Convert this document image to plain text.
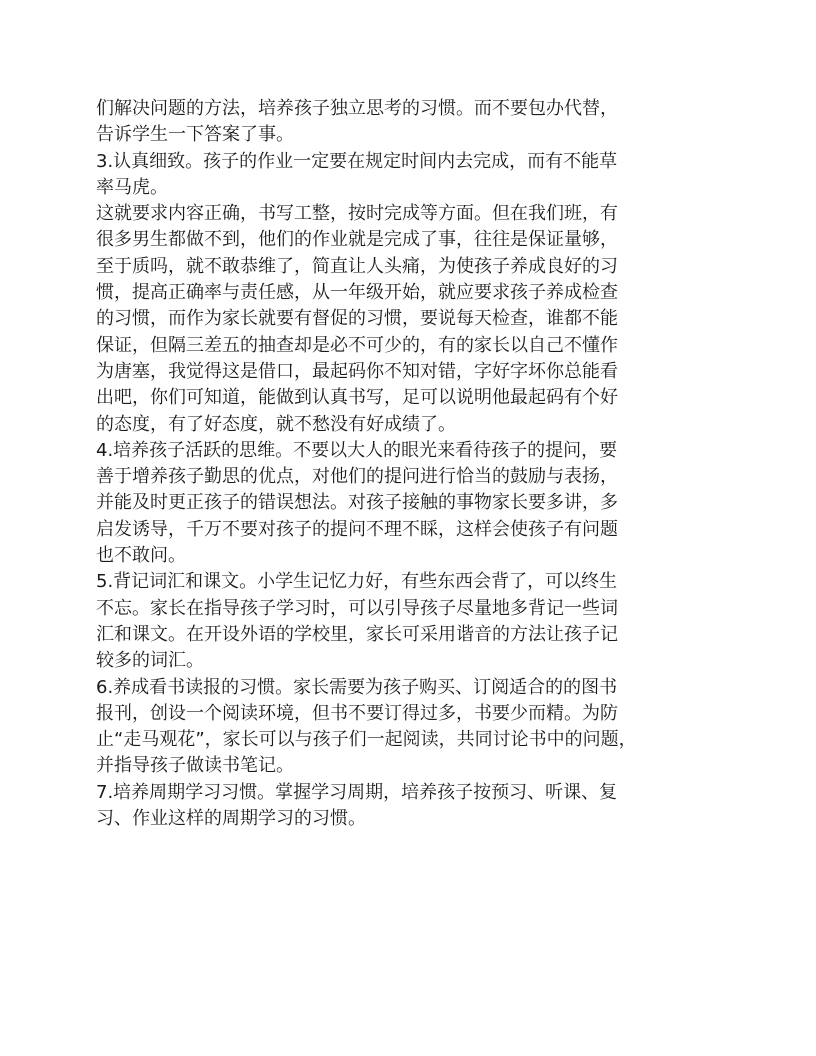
们解决问题的方法，培养孩子独立思考的习惯。而不要包办代替，
告诉学生一下答案了事。
3.认真细致。孩子的作业一定要在规定时间内去完成，而有不能草
率马虎。
这就要求内容正确，书写工整，按时完成等方面。但在我们班，有
很多男生都做不到，他们的作业就是完成了事，往往是保证量够，
至于质吗，就不敢恭维了，简直让人头痛，为使孩子养成良好的习
惯，提高正确率与责任感，从一年级开始，就应要求孩子养成检查
的习惯，而作为家长就要有督促的习惯，要说每天检查，谁都不能
保证，但隔三差五的抽查却是必不可少的，有的家长以自己不懂作
为唐塞，我觉得这是借口，最起码你不知对错，字好字坏你总能看
出吧，你们可知道，能做到认真书写，足可以说明他最起码有个好
的态度，有了好态度，就不愁没有好成绩了。
4.培养孩子活跃的思维。不要以大人的眼光来看待孩子的提问，要
善于增养孩子勤思的优点，对他们的提问进行恰当的鼓励与表扬，
并能及时更正孩子的错误想法。对孩子接触的事物家长要多讲，多
启发诱导，千万不要对孩子的提问不理不睬，这样会使孩子有问题
也不敢问。
5.背记词汇和课文。小学生记忆力好，有些东西会背了，可以终生
不忘。家长在指导孩子学习时，可以引导孩子尽量地多背记一些词
汇和课文。在开设外语的学校里，家长可采用谐音的方法让孩子记
较多的词汇。
6.养成看书读报的习惯。家长需要为孩子购买、订阅适合的的图书
报刊，创设一个阅读环境，但书不要订得过多，书要少而精。为防
止“走马观花”，家长可以与孩子们一起阅读，共同讨论书中的问题，
并指导孩子做读书笔记。
7.培养周期学习习惯。掌握学习周期，培养孩子按预习、听课、复
习、作业这样的周期学习的习惯。
